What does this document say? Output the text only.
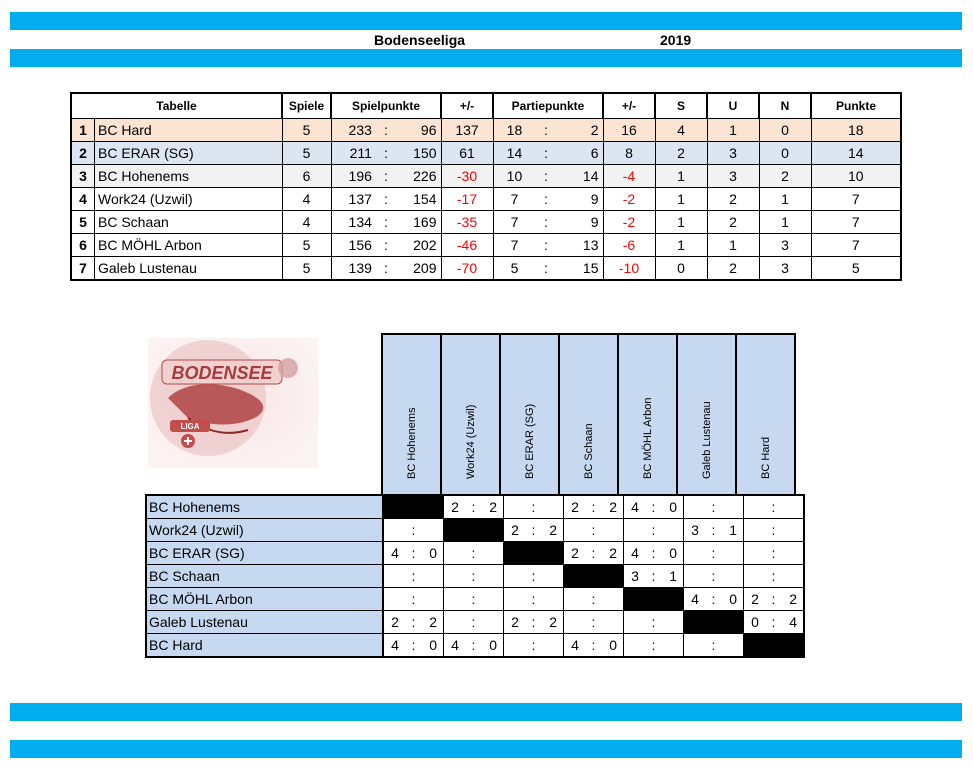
Bodenseeliga	2019
Tabelle		Spiele	Spielpunkte			+/-	Partiepunkte			+/-	S	U	N	Punkte
1	BC Hard	5	233	:	96	137	18	:	2	16	4	1	0	18
2	BC ERAR (SG)	5	211	:	150	61	14	:	6	8	2	3	0	14
3	BC Hohenems	6	196	:	226	-30	10	:	14	-4	1	3	2	10
4	Work24 (Uzwil)	4	137	:	154	-17	7	:	9	-2	1	2	1	7
5	BC Schaan	4	134	:	169	-35	7	:	9	-2	1	2	1	7
6	BC MÖHL Arbon	5	156	:	202	-46	7	:	13	-6	1	1	3	7
7	Galeb Lustenau	5	139	:	209	-70	5	:	15	-10	0	2	3	5
BODENSEE
LIGA	BC Hohenems	Work24 (Uzwil)	BC ERAR (SG)	BC Schaan	BC MÖHL Arbon	Galeb Lustenau	BC Hard
BC Hohenems		2 : 2	:	2 : 2	4 : 0	:	:

Work24 (Uzwil)	:		2 : 2	:	:	3 : 1	:

BC ERAR (SG)	4 : 0	:		2 : 2	4 : 0	:	:

BC Schaan	:	:	:		3 : 1	:	:

BC MÖHL Arbon	:	:	:	:		4 : 0	2 : 2

Galeb Lustenau	2 : 2	:	2 : 2	:	:		0 : 4

BC Hard	4 : 0	4 : 0	:	4 : 0	:	:	
